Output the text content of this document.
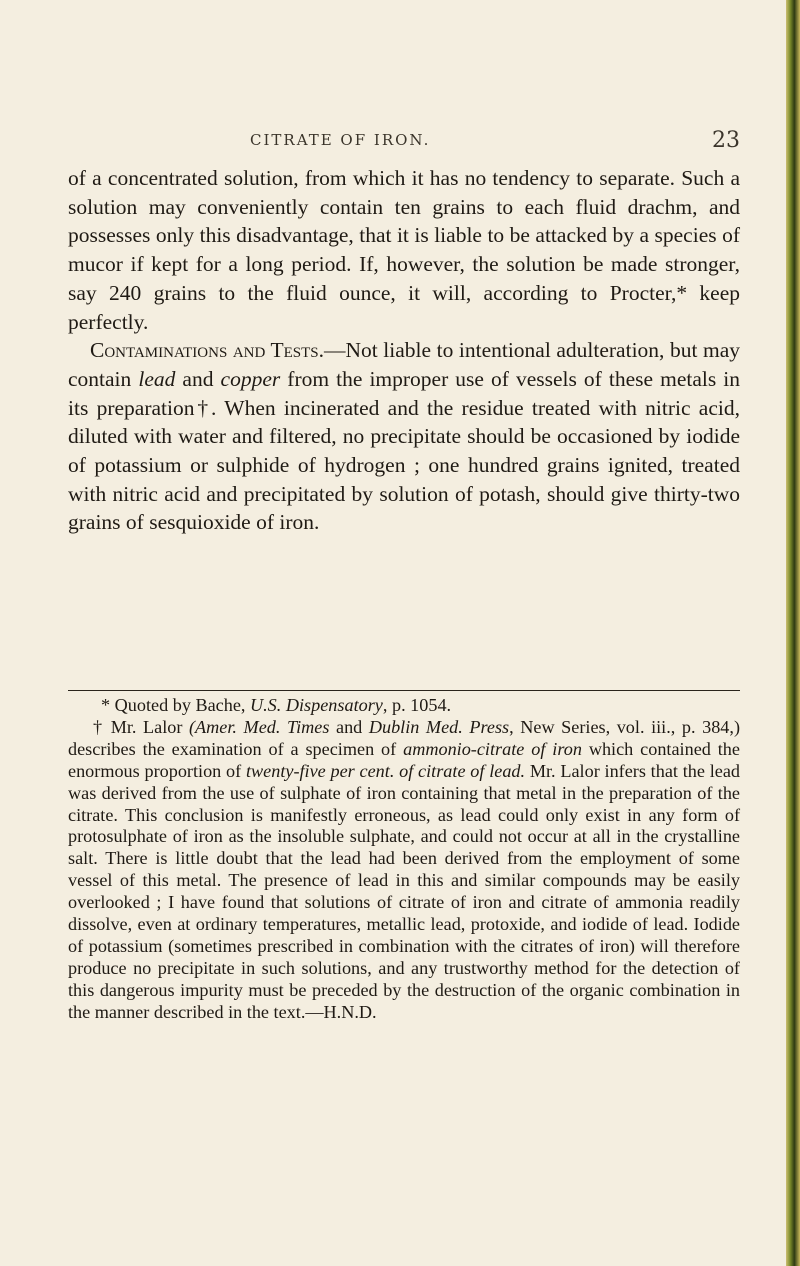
CITRATE OF IRON.	23
of a concentrated solution, from which it has no tendency to separate. Such a solution may conveniently contain ten grains to each fluid drachm, and possesses only this disadvantage, that it is liable to be attacked by a species of mucor if kept for a long period. If, however, the solution be made stronger, say 240 grains to the fluid ounce, it will, according to Procter,* keep perfectly.
Contaminations and Tests.—Not liable to intentional adulteration, but may contain lead and copper from the improper use of vessels of these metals in its preparation†. When incinerated and the residue treated with nitric acid, diluted with water and filtered, no precipitate should be occasioned by iodide of potassium or sulphide of hydrogen ; one hundred grains ignited, treated with nitric acid and precipitated by solution of potash, should give thirty-two grains of sesquioxide of iron.

* Quoted by Bache, U.S. Dispensatory, p. 1054.

† Mr. Lalor (Amer. Med. Times and Dublin Med. Press, New Series, vol. iii., p. 384,) describes the examination of a specimen of ammonio-citrate of iron which contained the enormous proportion of twenty-five per cent. of citrate of lead. Mr. Lalor infers that the lead was derived from the use of sulphate of iron containing that metal in the preparation of the citrate. This conclusion is manifestly erroneous, as lead could only exist in any form of protosulphate of iron as the insoluble sulphate, and could not occur at all in the crystalline salt. There is little doubt that the lead had been derived from the employment of some vessel of this metal. The presence of lead in this and similar compounds may be easily overlooked ; I have found that solutions of citrate of iron and citrate of ammonia readily dissolve, even at ordinary temperatures, metallic lead, protoxide, and iodide of lead. Iodide of potassium (sometimes prescribed in combination with the citrates of iron) will therefore produce no precipitate in such solutions, and any trustworthy method for the detection of this dangerous impurity must be preceded by the destruction of the organic combination in the manner described in the text.—H.N.D.
